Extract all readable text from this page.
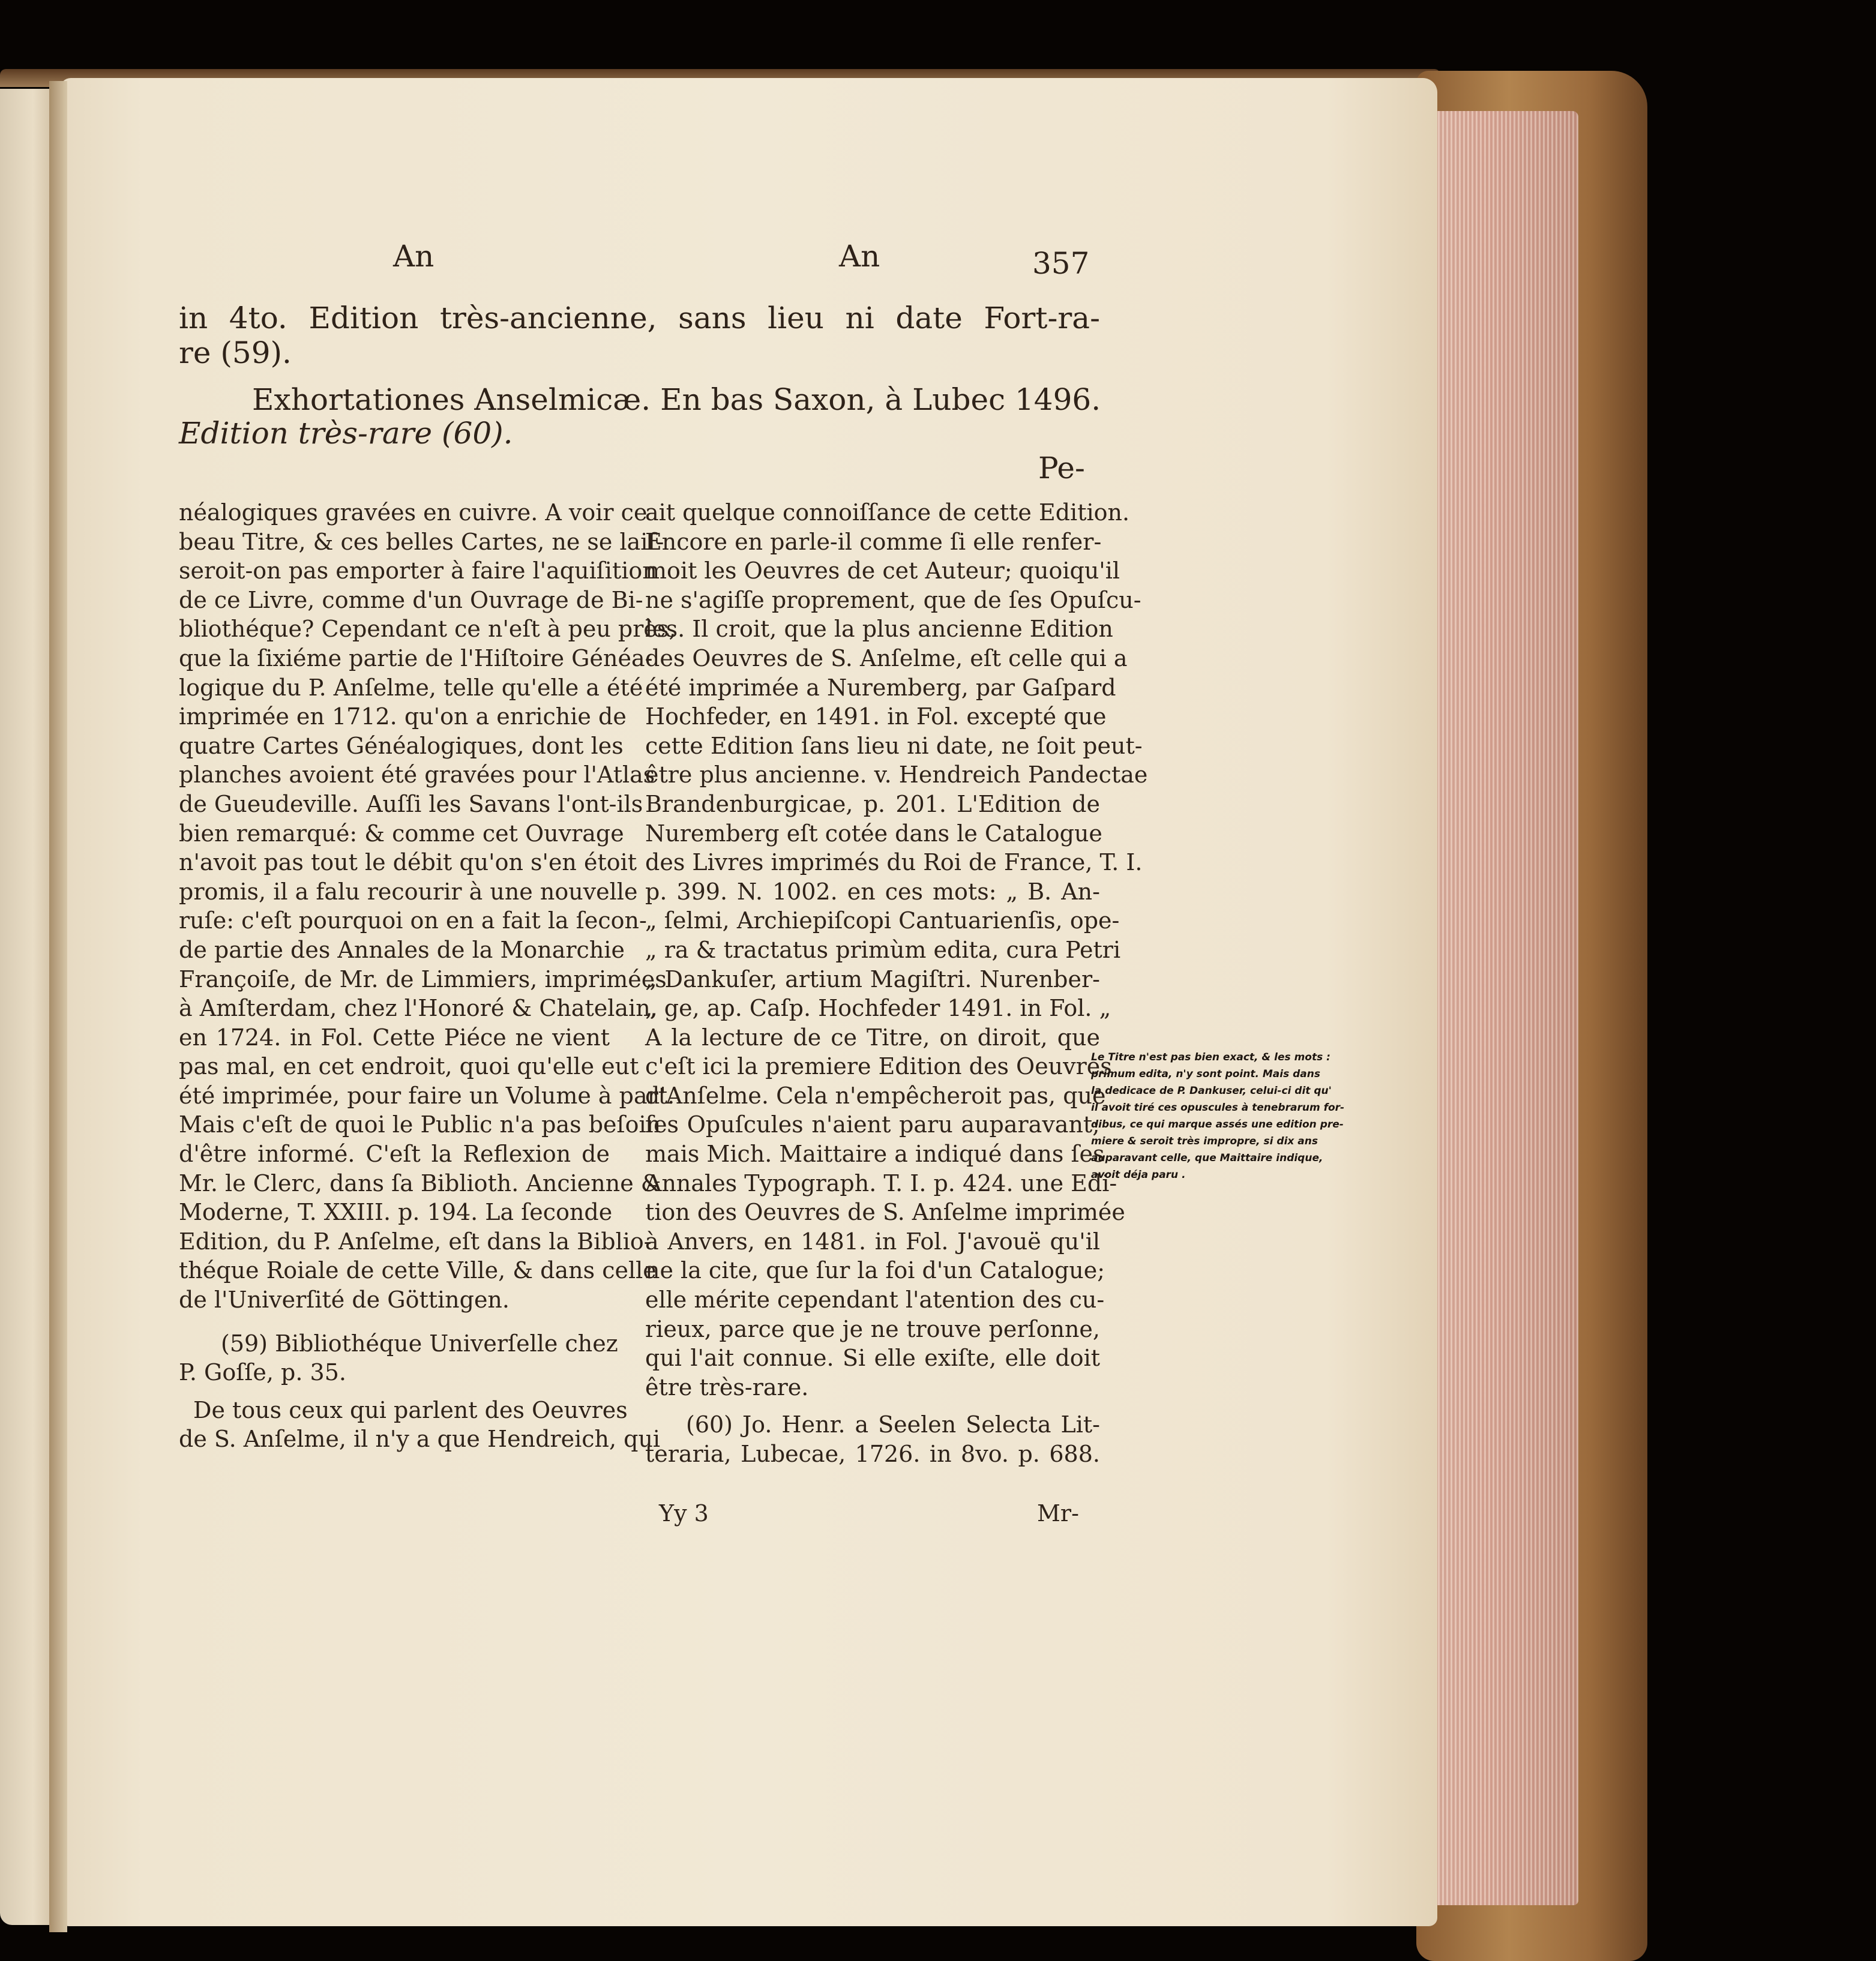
An	An	357
in 4to. Edition très-ancienne, sans lieu ni date Fort-ra-
re (59).
Exhortationes Anselmicæ. En bas Saxon, à Lubec 1496.
Edition très-rare (60).
Pe-
néalogiques gravées en cuivre. A voir ce
beau Titre, & ces belles Cartes, ne se laiſ-
seroit-on pas emporter à faire l'aquiſition
de ce Livre, comme d'un Ouvrage de Bi-
bliothéque? Cependant ce n'eſt à peu près,
que la ſixiéme partie de l'Hiſtoire Généa-
logique du P. Anſelme, telle qu'elle a été
imprimée en 1712. qu'on a enrichie de
quatre Cartes Généalogiques, dont les
planches avoient été gravées pour l'Atlas
de Gueudeville. Auſſi les Savans l'ont-ils
bien remarqué: & comme cet Ouvrage
n'avoit pas tout le débit qu'on s'en étoit
promis, il a falu recourir à une nouvelle
ruſe: c'eſt pourquoi on en a fait la ſecon-
de partie des Annales de la Monarchie
Françoiſe, de Mr. de Limmiers, imprimées
à Amſterdam, chez l'Honoré & Chatelain,
en 1724. in Fol. Cette Piéce ne vient
pas mal, en cet endroit, quoi qu'elle eut
été imprimée, pour faire un Volume à part.
Mais c'eſt de quoi le Public n'a pas beſoin
d'être informé. C'eſt la Reflexion de
Mr. le Clerc, dans ſa Biblioth. Ancienne &
Moderne, T. XXIII. p. 194. La ſeconde
Edition, du P. Anſelme, eſt dans la Biblio-
théque Roiale de cette Ville, & dans celle
de l'Univerſité de Göttingen.
(59) Bibliothéque Univerſelle chez
P. Goſſe, p. 35.
De tous ceux qui parlent des Oeuvres
de S. Anſelme, il n'y a que Hendreich, qui
ait quelque connoiſſance de cette Edition.
Encore en parle-il comme ſi elle renfer-
moit les Oeuvres de cet Auteur; quoiqu'il
ne s'agiſſe proprement, que de ſes Opuſcu-
les. Il croit, que la plus ancienne Edition
des Oeuvres de S. Anſelme, eſt celle qui a
été imprimée a Nuremberg, par Gaſpard
Hochfeder, en 1491. in Fol. excepté que
cette Edition ſans lieu ni date, ne ſoit peut-
être plus ancienne. v. Hendreich Pandectae
Brandenburgicae, p. 201. L'Edition de
Nuremberg eſt cotée dans le Catalogue
des Livres imprimés du Roi de France, T. I.
p. 399. N. 1002. en ces mots: „ B. An-
„ ſelmi, Archiepiſcopi Cantuarienſis, ope-
„ ra & tractatus primùm edita, cura Petri
„ Dankuſer, artium Magiſtri. Nurenber-
„ ge, ap. Caſp. Hochfeder 1491. in Fol. „
A la lecture de ce Titre, on diroit, que
c'eſt ici la premiere Edition des Oeuvres
d'Anſelme. Cela n'empêcheroit pas, que
ſes Opuſcules n'aient paru auparavant;
mais Mich. Maittaire a indiqué dans ſes
Annales Typograph. T. I. p. 424. une Edi-
tion des Oeuvres de S. Anſelme imprimée
à Anvers, en 1481. in Fol. J'avouë qu'il
ne la cite, que ſur la foi d'un Catalogue;
elle mérite cependant l'atention des cu-
rieux, parce que je ne trouve perſonne,
qui l'ait connue. Si elle exiſte, elle doit
être très-rare.
(60) Jo. Henr. a Seelen Selecta Lit-
teraria, Lubecae, 1726. in 8vo. p. 688.
Yy 3	Mr-
Le Titre n'est pas bien exact, & les mots :
primum edita, n'y sont point. Mais dans
la dedicace de P. Dankuser, celui-ci dit qu'
il avoit tiré ces opuscules à tenebrarum for-
dibus, ce qui marque assés une edition pre-
miere & seroit très impropre, si dix ans
auparavant celle, que Maittaire indique,
avoit déja paru .
